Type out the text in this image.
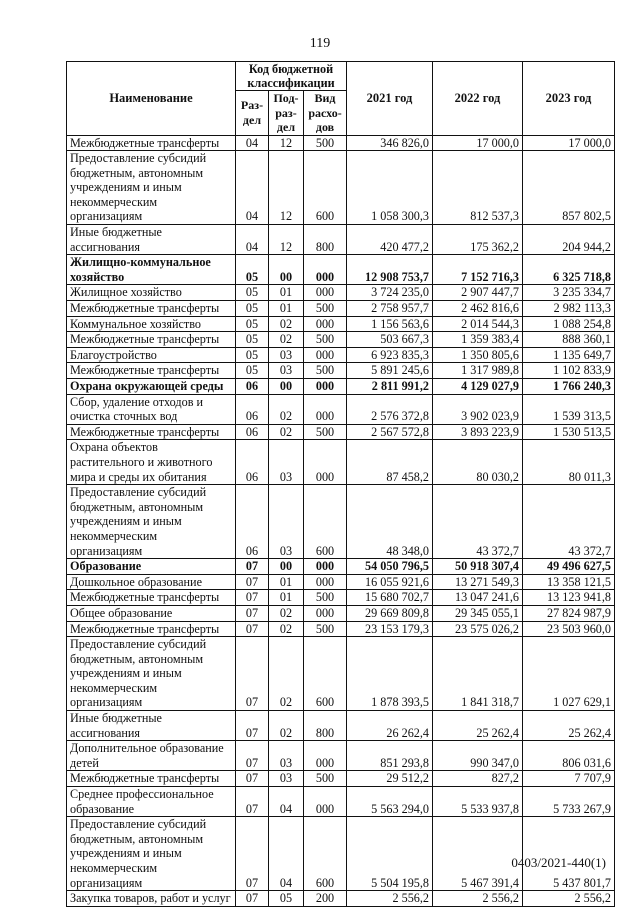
119
Наименование	Код бюджетной классификации			2021 год	2022 год	2023 год
	Раз-дел	Под-раз-дел	Вид расхо-дов			
Межбюджетные трансферты	04	12	500	346 826,0	17 000,0	17 000,0
Предоставление субсидий бюджетным, автономным учреждениям и иным некоммерческим организациям	04	12	600	1 058 300,3	812 537,3	857 802,5
Иные бюджетные ассигнования	04	12	800	420 477,2	175 362,2	204 944,2
Жилищно-коммунальное хозяйство	05	00	000	12 908 753,7	7 152 716,3	6 325 718,8
Жилищное хозяйство	05	01	000	3 724 235,0	2 907 447,7	3 235 334,7
Межбюджетные трансферты	05	01	500	2 758 957,7	2 462 816,6	2 982 113,3
Коммунальное хозяйство	05	02	000	1 156 563,6	2 014 544,3	1 088 254,8
Межбюджетные трансферты	05	02	500	503 667,3	1 359 383,4	888 360,1
Благоустройство	05	03	000	6 923 835,3	1 350 805,6	1 135 649,7
Межбюджетные трансферты	05	03	500	5 891 245,6	1 317 989,8	1 102 833,9
Охрана окружающей среды	06	00	000	2 811 991,2	4 129 027,9	1 766 240,3
Сбор, удаление отходов и очистка сточных вод	06	02	000	2 576 372,8	3 902 023,9	1 539 313,5
Межбюджетные трансферты	06	02	500	2 567 572,8	3 893 223,9	1 530 513,5
Охрана объектов растительного и животного мира и среды их обитания	06	03	000	87 458,2	80 030,2	80 011,3
Предоставление субсидий бюджетным, автономным учреждениям и иным некоммерческим организациям	06	03	600	48 348,0	43 372,7	43 372,7
Образование	07	00	000	54 050 796,5	50 918 307,4	49 496 627,5
Дошкольное образование	07	01	000	16 055 921,6	13 271 549,3	13 358 121,5
Межбюджетные трансферты	07	01	500	15 680 702,7	13 047 241,6	13 123 941,8
Общее образование	07	02	000	29 669 809,8	29 345 055,1	27 824 987,9
Межбюджетные трансферты	07	02	500	23 153 179,3	23 575 026,2	23 503 960,0
Предоставление субсидий бюджетным, автономным учреждениям и иным некоммерческим организациям	07	02	600	1 878 393,5	1 841 318,7	1 027 629,1
Иные бюджетные ассигнования	07	02	800	26 262,4	25 262,4	25 262,4
Дополнительное образование детей	07	03	000	851 293,8	990 347,0	806 031,6
Межбюджетные трансферты	07	03	500	29 512,2	827,2	7 707,9
Среднее профессиональное образование	07	04	000	5 563 294,0	5 533 937,8	5 733 267,9
Предоставление субсидий бюджетным, автономным учреждениям и иным некоммерческим организациям	07	04	600	5 504 195,8	5 467 391,4	5 437 801,7
Закупка товаров, работ и услуг	07	05	200	2 556,2	2 556,2	2 556,2
0403/2021-440(1)
